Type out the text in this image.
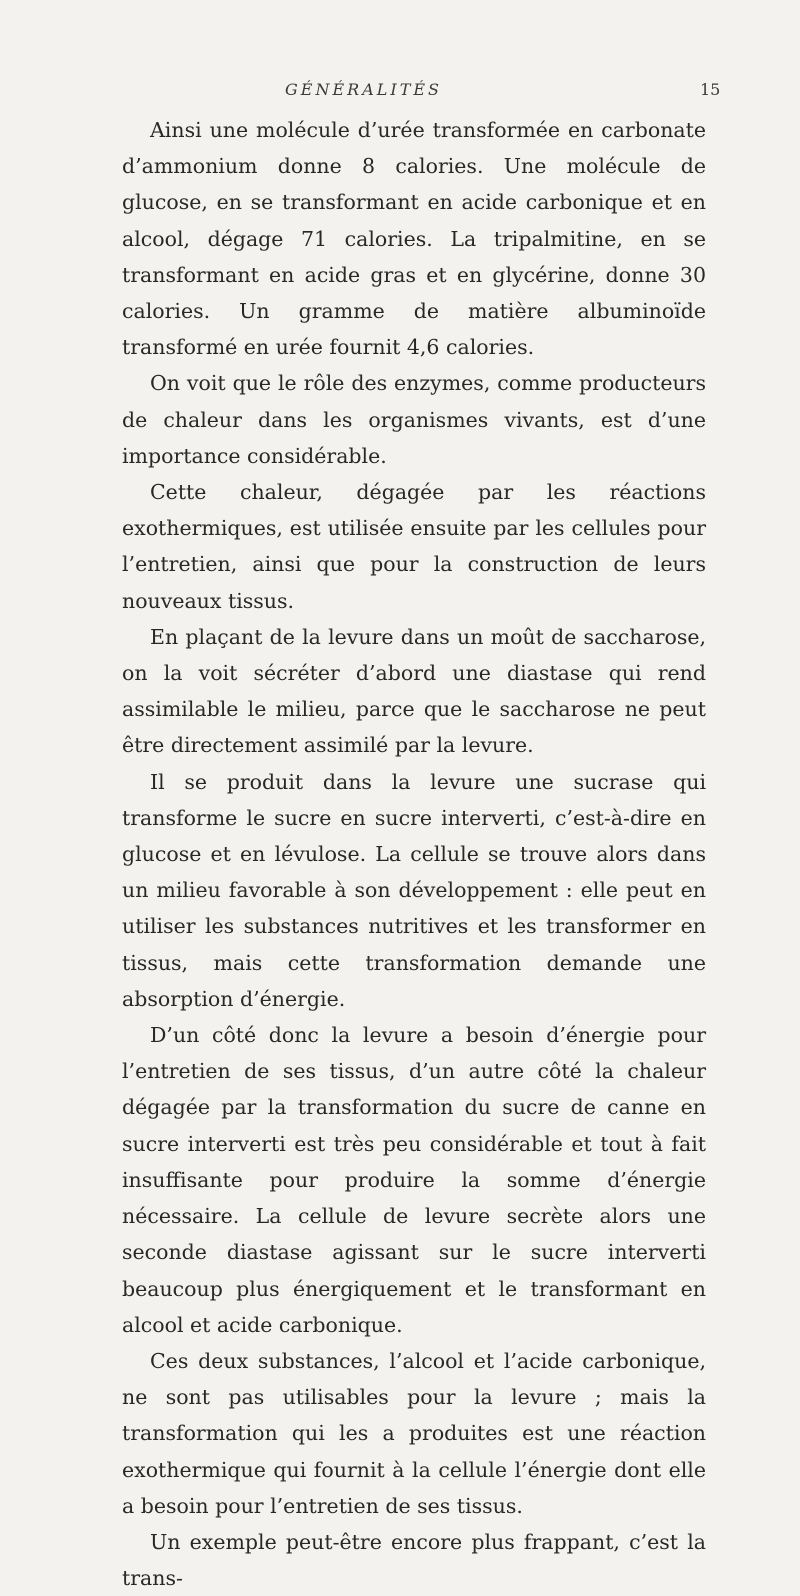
GÉNÉRALITÉS	15

Ainsi une molécule d’urée transformée en carbonate d’ammonium donne 8 calories. Une molécule de glucose, en se transformant en acide carbonique et en alcool, dégage 71 calories. La tripalmitine, en se transformant en acide gras et en glycérine, donne 30 calories. Un gramme de matière albuminoïde transformé en urée fournit 4,6 calories.

On voit que le rôle des enzymes, comme producteurs de chaleur dans les organismes vivants, est d’une importance considérable.

Cette chaleur, dégagée par les réactions exothermiques, est utilisée ensuite par les cellules pour l’entretien, ainsi que pour la construction de leurs nouveaux tissus.

En plaçant de la levure dans un moût de saccharose, on la voit sécréter d’abord une diastase qui rend assimilable le milieu, parce que le saccharose ne peut être directement assimilé par la levure.

Il se produit dans la levure une sucrase qui transforme le sucre en sucre interverti, c’est-à-dire en glucose et en lévulose. La cellule se trouve alors dans un milieu favorable à son développement : elle peut en utiliser les substances nutritives et les transformer en tissus, mais cette transformation demande une absorption d’énergie.

D’un côté donc la levure a besoin d’énergie pour l’entretien de ses tissus, d’un autre côté la chaleur dégagée par la transformation du sucre de canne en sucre interverti est très peu considérable et tout à fait insuffisante pour produire la somme d’énergie nécessaire. La cellule de levure secrète alors une seconde diastase agissant sur le sucre interverti beaucoup plus énergiquement et le transformant en alcool et acide carbonique.

Ces deux substances, l’alcool et l’acide carbonique, ne sont pas utilisables pour la levure ; mais la transformation qui les a produites est une réaction exothermique qui fournit à la cellule l’énergie dont elle a besoin pour l’entretien de ses tissus.

Un exemple peut-être encore plus frappant, c’est la trans-
